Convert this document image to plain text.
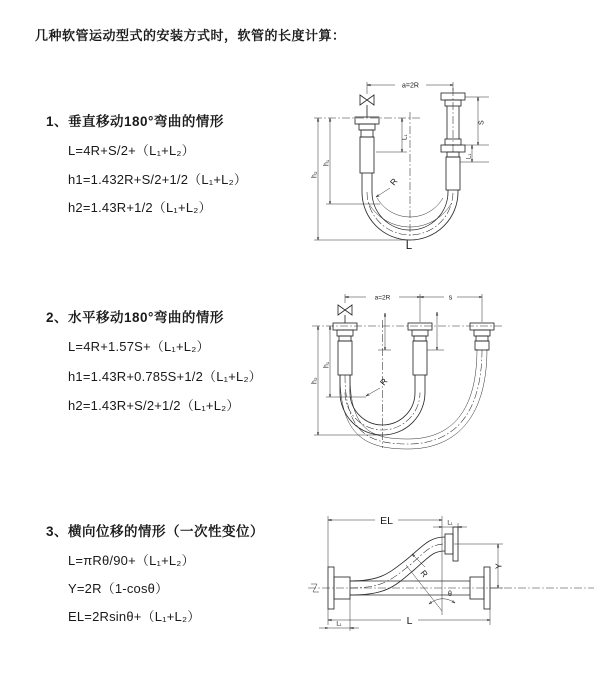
几种软管运动型式的安装方式时，软管的长度计算：
1、垂直移动180°弯曲的情形
L=4R+S/2+（L₁+L₂）
h1=1.432R+S/2+1/2（L₁+L₂）
h2=1.43R+1/2（L₁+L₂）
2、水平移动180°弯曲的情形
L=4R+1.57S+（L₁+L₂）
h1=1.43R+0.785S+1/2（L₁+L₂）
h2=1.43R+S/2+1/2（L₁+L₂）
3、横向位移的情形（一次性变位）
L=πRθ/90+（L₁+L₂）
Y=2R（1-cosθ）
EL=2Rsinθ+（L₁+L₂）
a=2R
h₂
h₁
L₁
S
L₁
R
L
a=2R	s
h₂
h₁
R
θ
R
EL	L₁
Y
L
L₁
